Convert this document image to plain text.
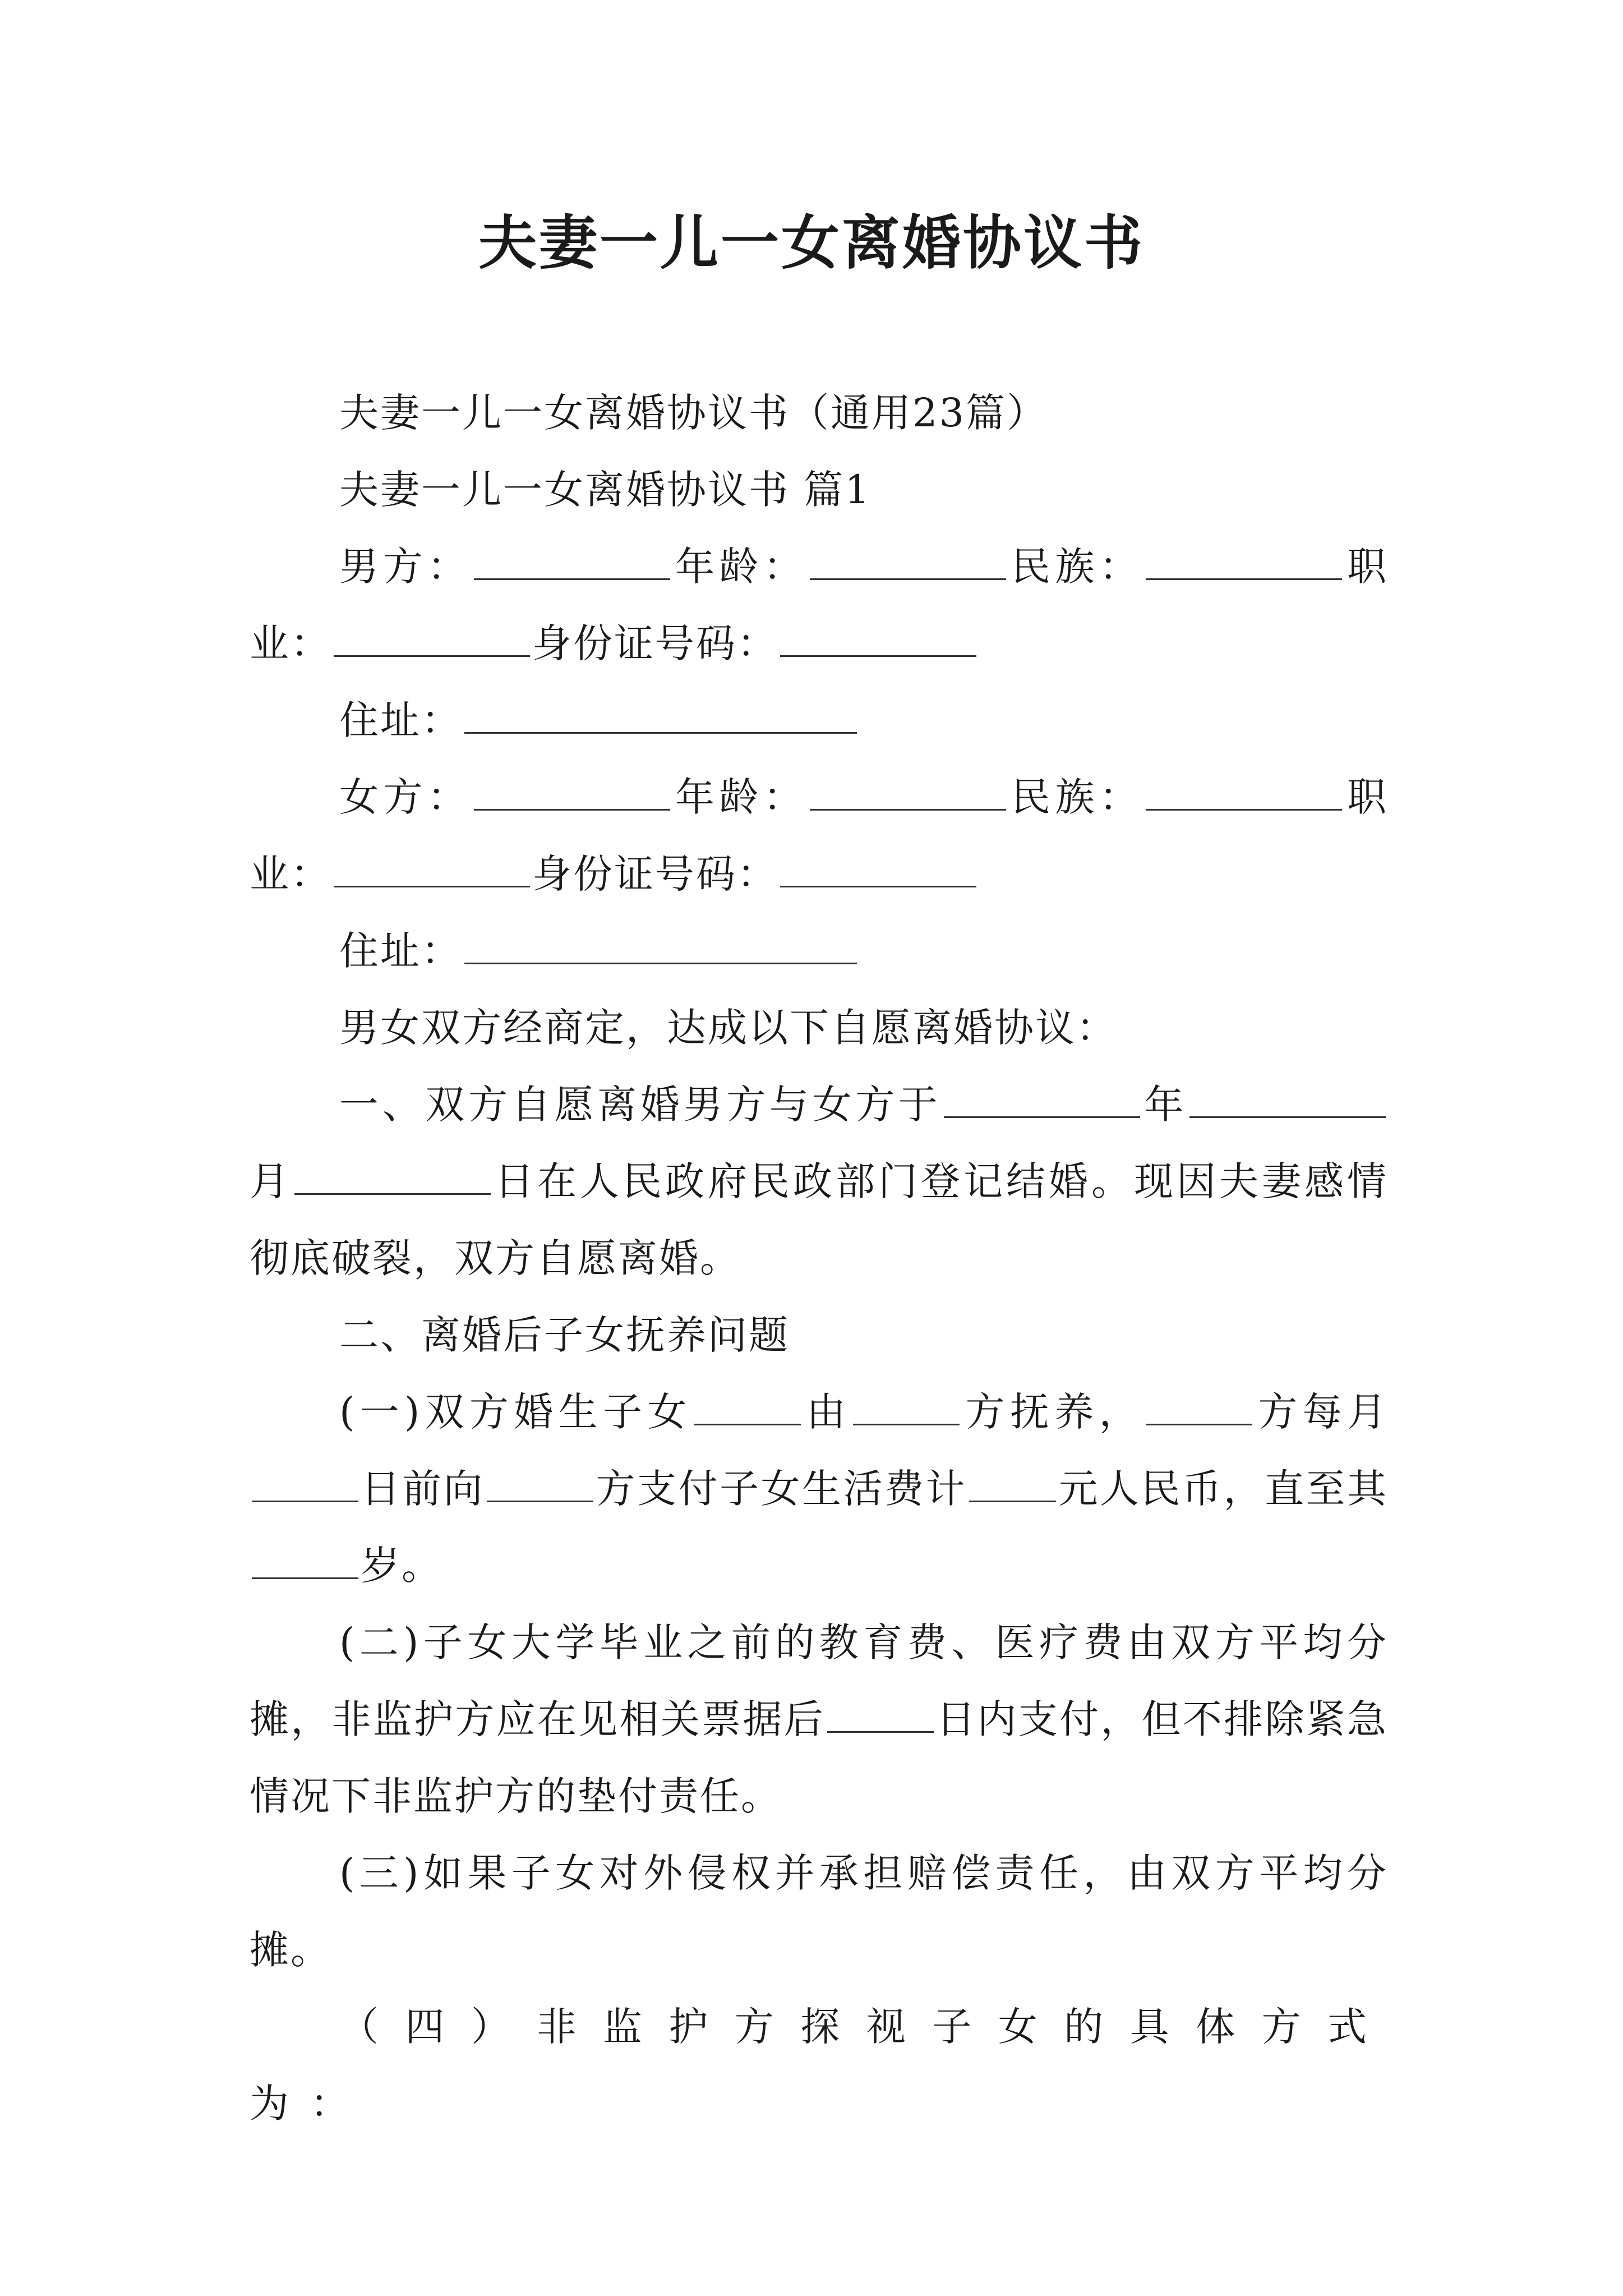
夫妻一儿一女离婚协议书

夫妻一儿一女离婚协议书（通用23篇）

夫妻一儿一女离婚协议书 篇1

男方：	年龄：	民族：	职业：	身份证号码：

住址：

女方：	年龄：	民族：	职业：	身份证号码：

住址：

男女双方经商定，达成以下自愿离婚协议：

一、双方自愿离婚男方与女方于	年月	日在人民政府民政部门登记结婚。现因夫妻感情彻底破裂，双方自愿离婚。

二、离婚后子女抚养问题

(一)双方婚生子女	由	方抚养，	方每月日前向	方支付子女生活费计 元人民币，直至其岁。

(二)子女大学毕业之前的教育费、医疗费由双方平均分摊，非监护方应在见相关票据后	日内支付，但不排除紧急情况下非监护方的垫付责任。

(三)如果子女对外侵权并承担赔偿责任，由双方平均分摊。

（四）非监护方探视子女的具体方式为：
